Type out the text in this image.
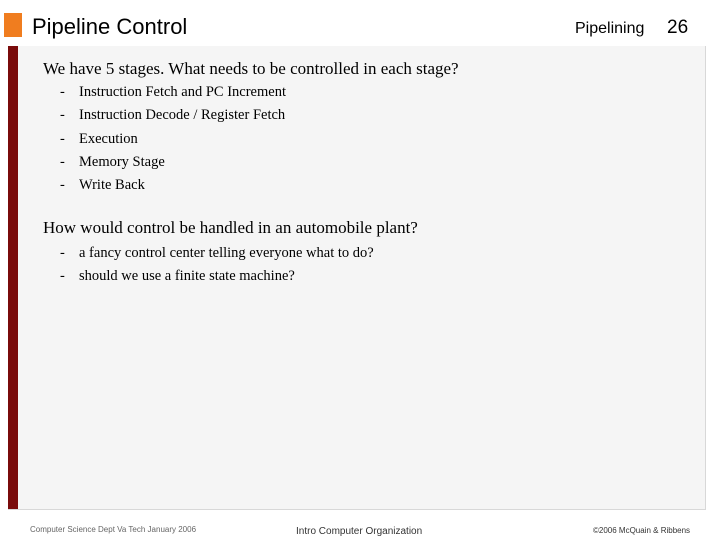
Pipeline Control	Pipelining 26
We have 5 stages. What needs to be controlled in each stage?
- Instruction Fetch and PC Increment
- Instruction Decode / Register Fetch
- Execution
- Memory Stage
- Write Back
How would control be handled in an automobile plant?
- a fancy control center telling everyone what to do?
- should we use a finite state machine?
Computer Science Dept Va Tech January 2006	Intro Computer Organization	©2006 McQuain & Ribbens
